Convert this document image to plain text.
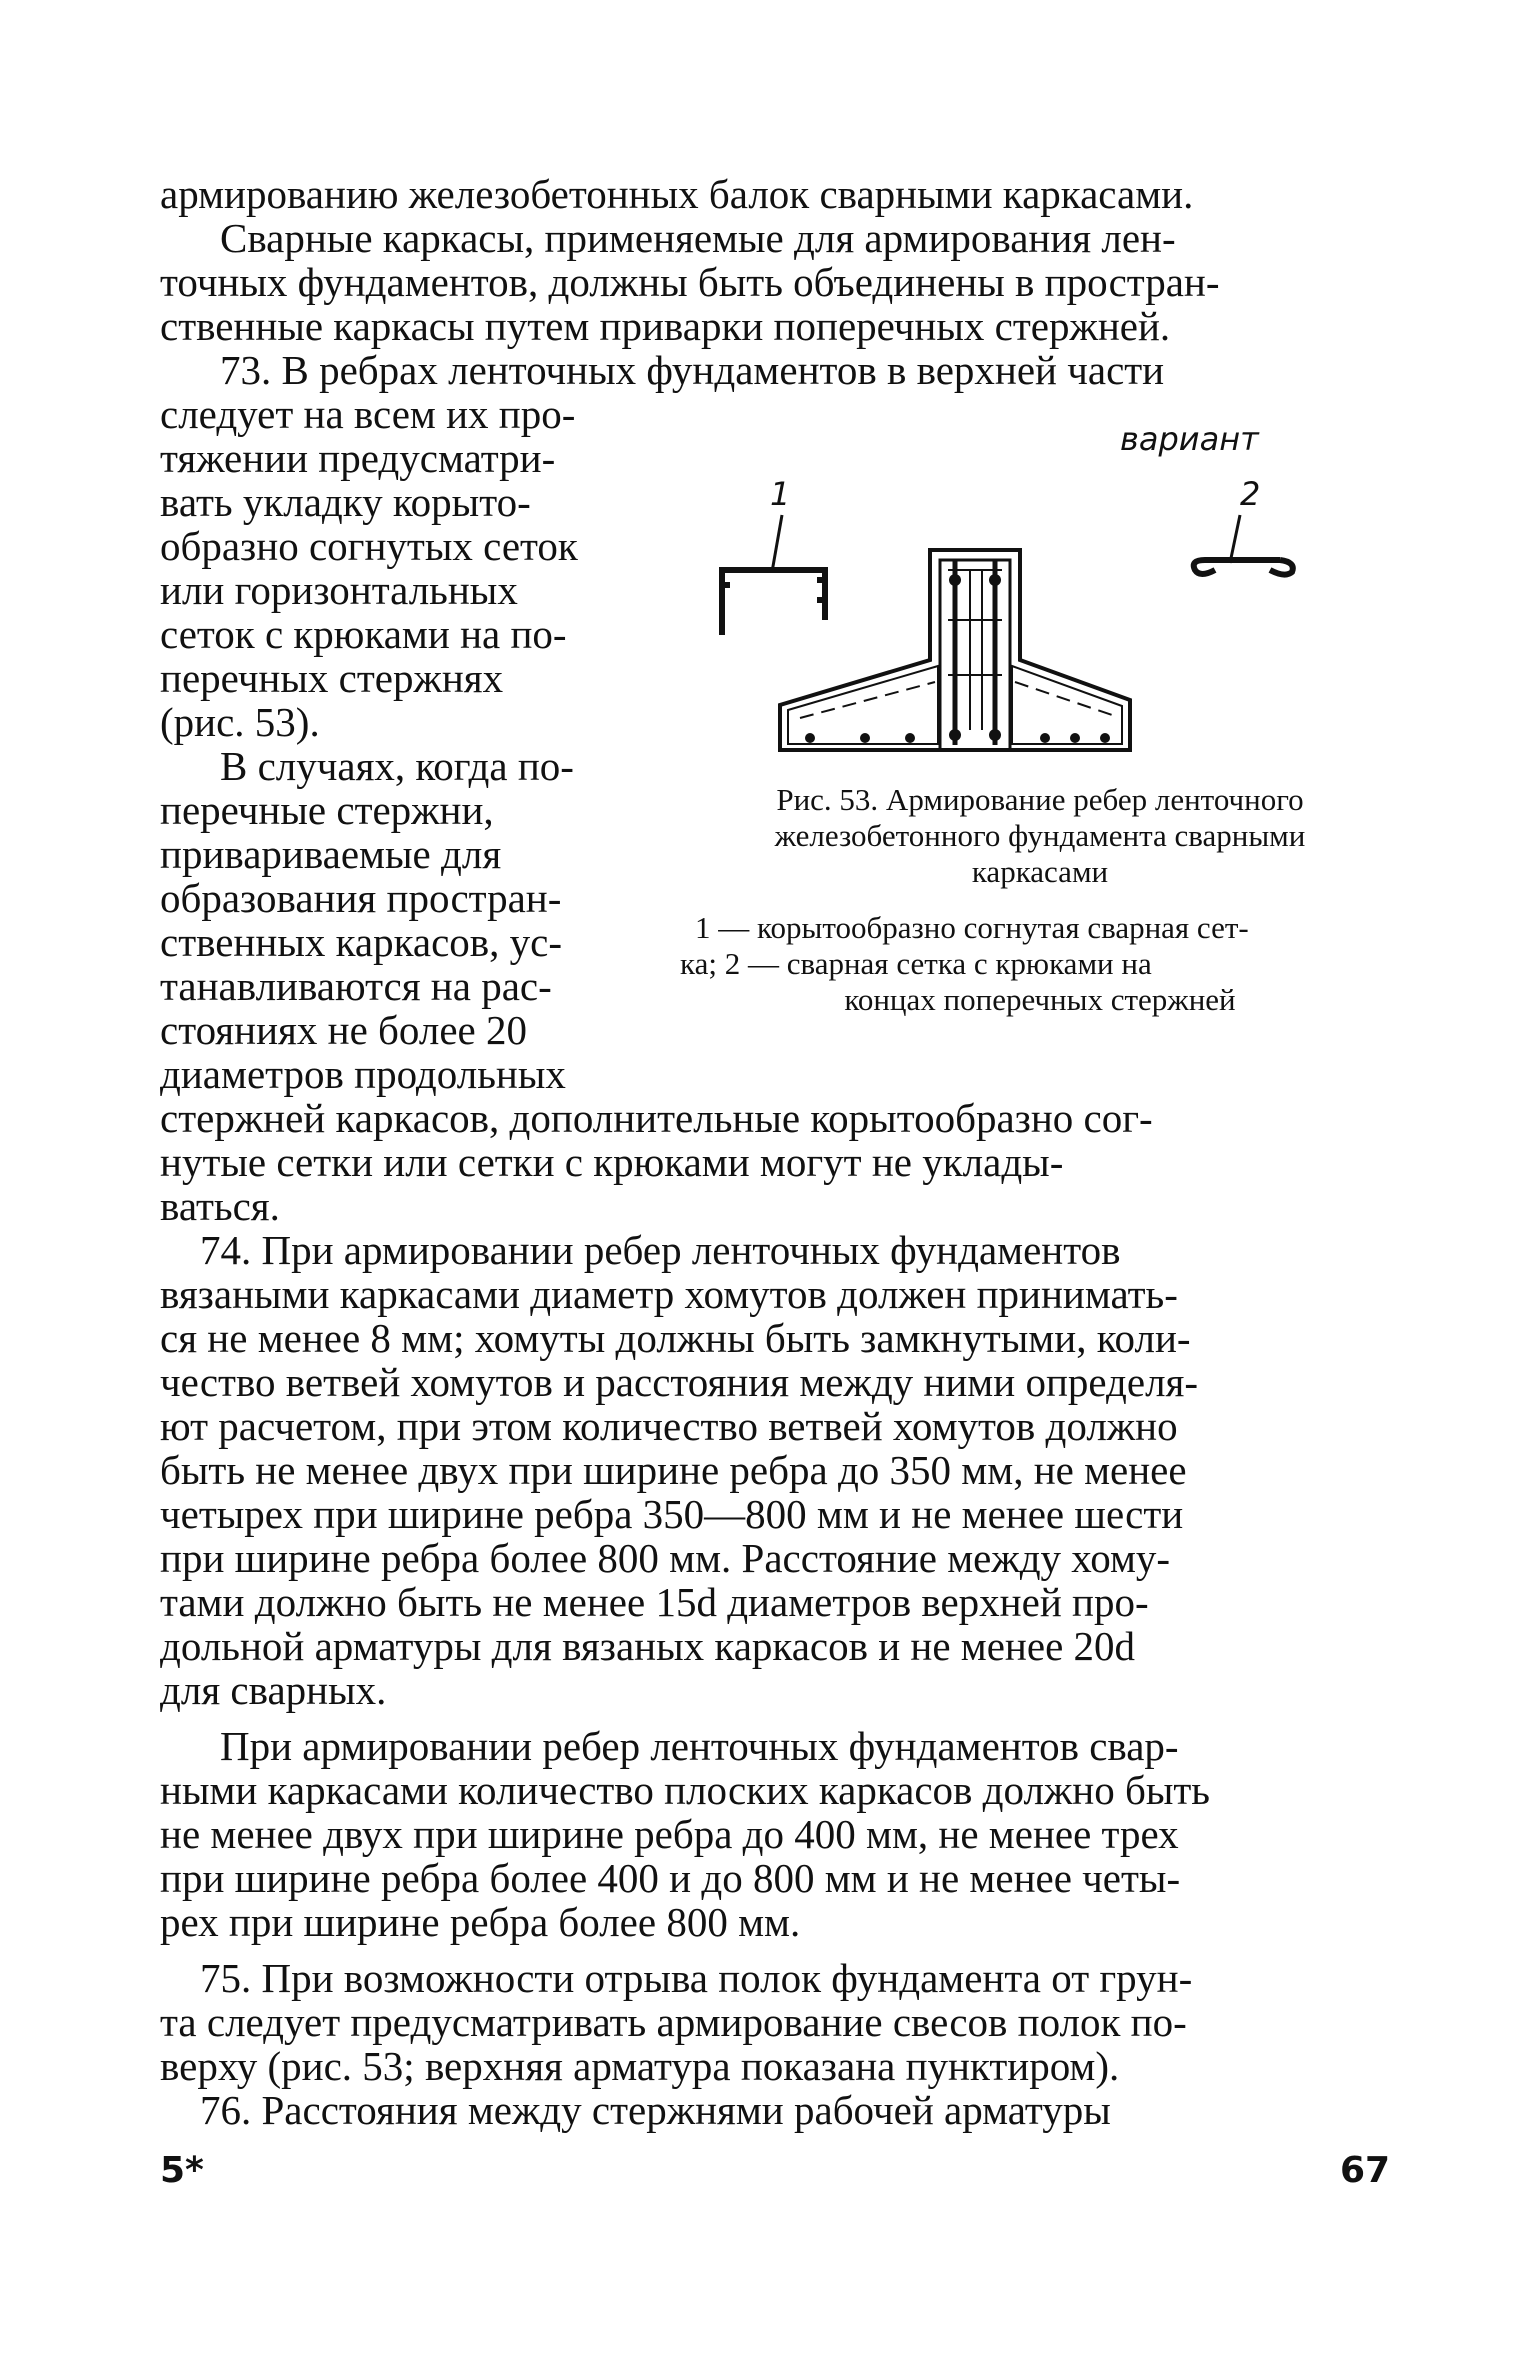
армированию железобетонных балок сварными каркасами.
Сварные каркасы, применяемые для армирования лен-
точных фундаментов, должны быть объединены в простран-
ственные каркасы путем приварки поперечных стержней.
73. В ребрах ленточных фундаментов в верхней части
следует на всем их про-
тяжении предусматри-
вать укладку корыто-
образно согнутых сеток
или горизонтальных
сеток с крюками на по-
перечных стержнях
(рис. 53).
В случаях, когда по-
перечные стержни,
привариваемые для
образования простран-
ственных каркасов, ус-
танавливаются на рас-
стояниях не более 20
диаметров продольных
вариант
1	2
Рис. 53. Армирование ребер ленточного
железобетонного фундамента сварными
каркасами
1 — корытообразно согнутая сварная сет-
ка; 2 — сварная сетка с крюками на
концах поперечных стержней
стержней каркасов, дополнительные корытообразно сог-
нутые сетки или сетки с крюками могут не уклады-
ваться.
74. При армировании ребер ленточных фундаментов
вязаными каркасами диаметр хомутов должен принимать-
ся не менее 8 мм; хомуты должны быть замкнутыми, коли-
чество ветвей хомутов и расстояния между ними определя-
ют расчетом, при этом количество ветвей хомутов должно
быть не менее двух при ширине ребра до 350 мм, не менее
четырех при ширине ребра 350—800 мм и не менее шести
при ширине ребра более 800 мм. Расстояние между хому-
тами должно быть не менее 15d диаметров верхней про-
дольной арматуры для вязаных каркасов и не менее 20d
для сварных.
При армировании ребер ленточных фундаментов свар-
ными каркасами количество плоских каркасов должно быть
не менее двух при ширине ребра до 400 мм, не менее трех
при ширине ребра более 400 и до 800 мм и не менее четы-
рех при ширине ребра более 800 мм.
75. При возможности отрыва полок фундамента от грун-
та следует предусматривать армирование свесов полок по-
верху (рис. 53; верхняя арматура показана пунктиром).
76. Расстояния между стержнями рабочей арматуры
5*	67
